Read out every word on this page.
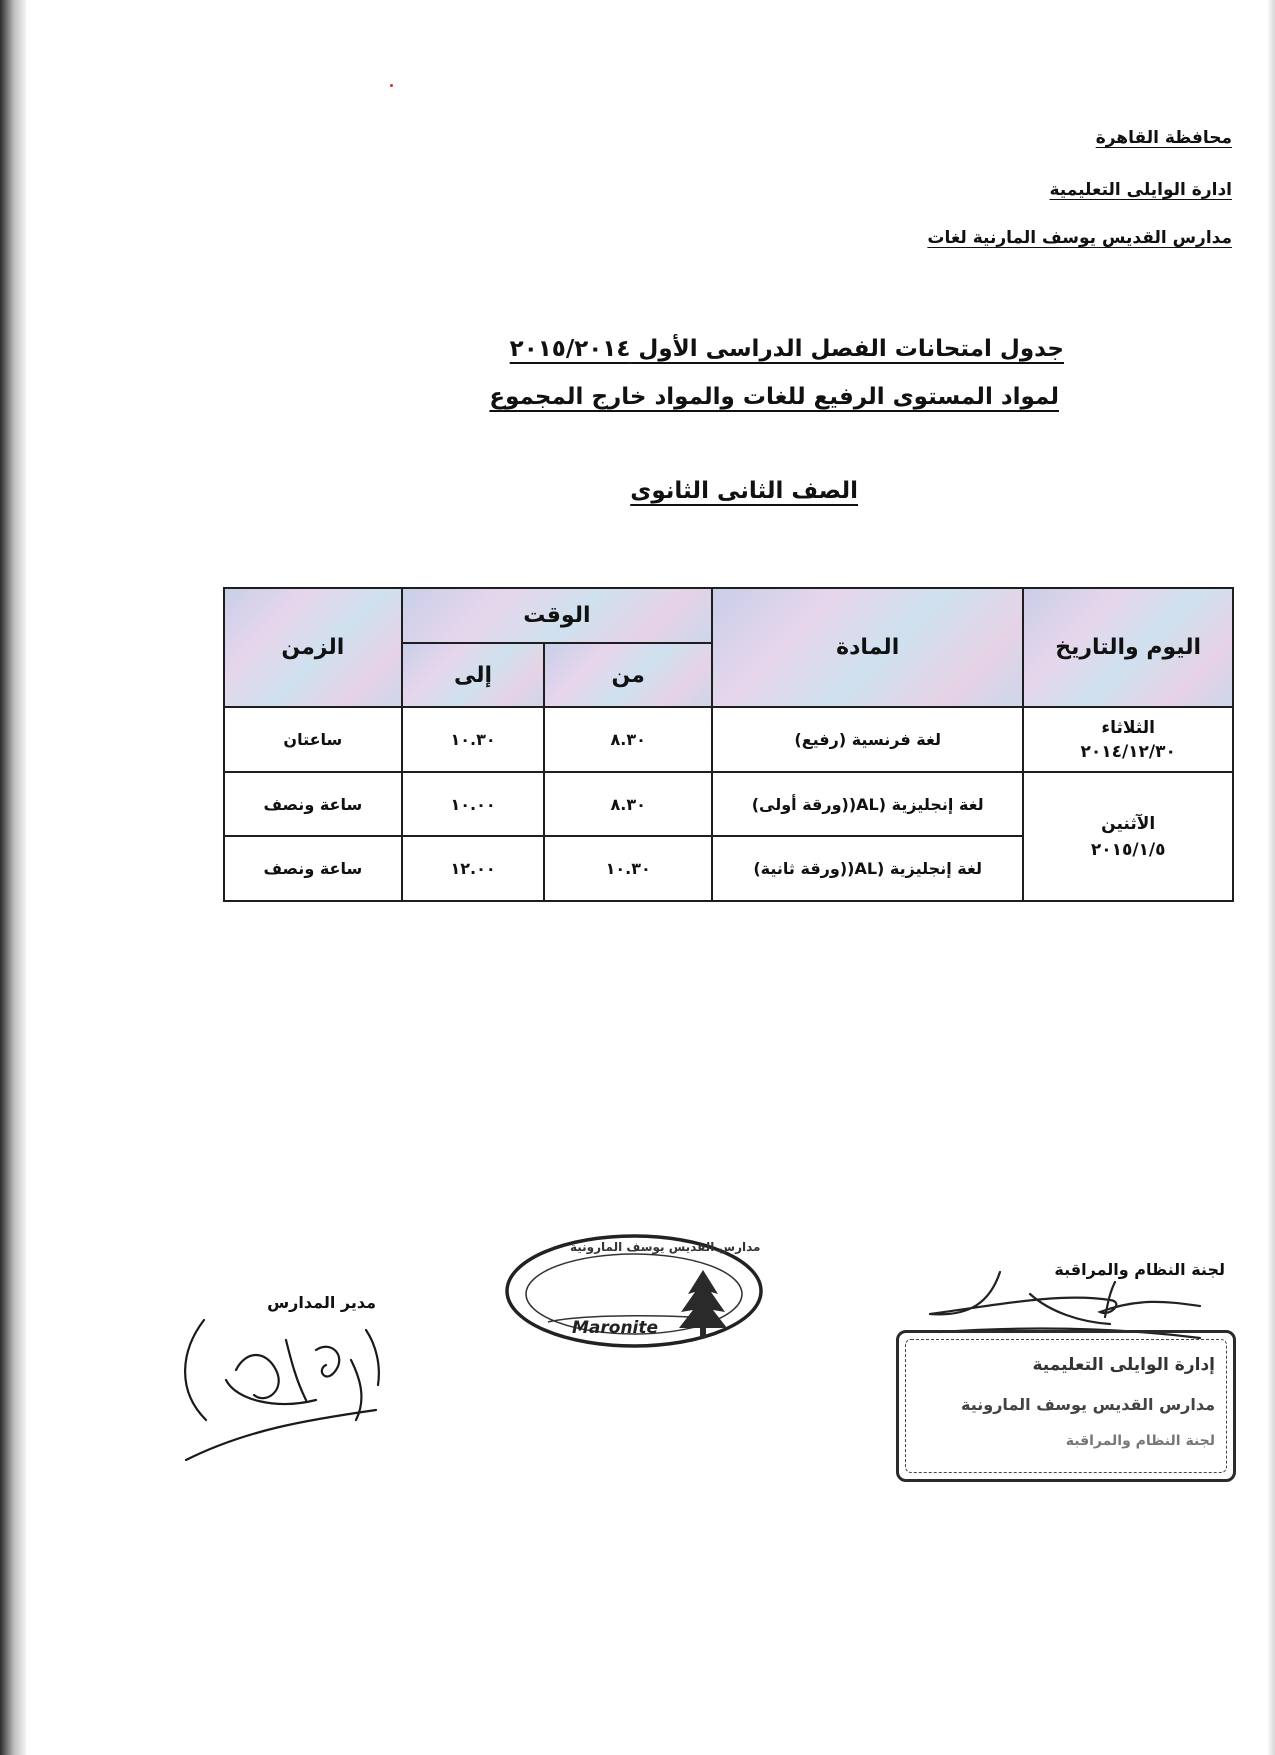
محافظة القاهرة
ادارة الوايلى التعليمية
مدارس القديس يوسف المارنية لغات
جدول امتحانات الفصل الدراسى الأول ٢٠١٥/٢٠١٤
لمواد المستوى الرفيع للغات والمواد خارج المجموع
الصف الثانى الثانوى
اليوم والتاريخ	المادة	الوقت		الزمن
		من	إلى	

الثلاثاء
٢٠١٤/١٢/٣٠	لغة فرنسية (رفيع)	٨.٣٠	١٠.٣٠	ساعتان

الآثنين
٢٠١٥/١/٥	لغة إنجليزية (AL((ورقة أولى)	٨.٣٠	١٠.٠٠	ساعة ونصف
	لغة إنجليزية (AL((ورقة ثانية)	١٠.٣٠	١٢.٠٠	ساعة ونصف
لجنة النظام والمراقبة
مدير المدارس
مدارس القديس يوسف المارونية
Maronite
إدارة الوايلى التعليمية
مدارس القديس يوسف المارونية
لجنة النظام والمراقبة
